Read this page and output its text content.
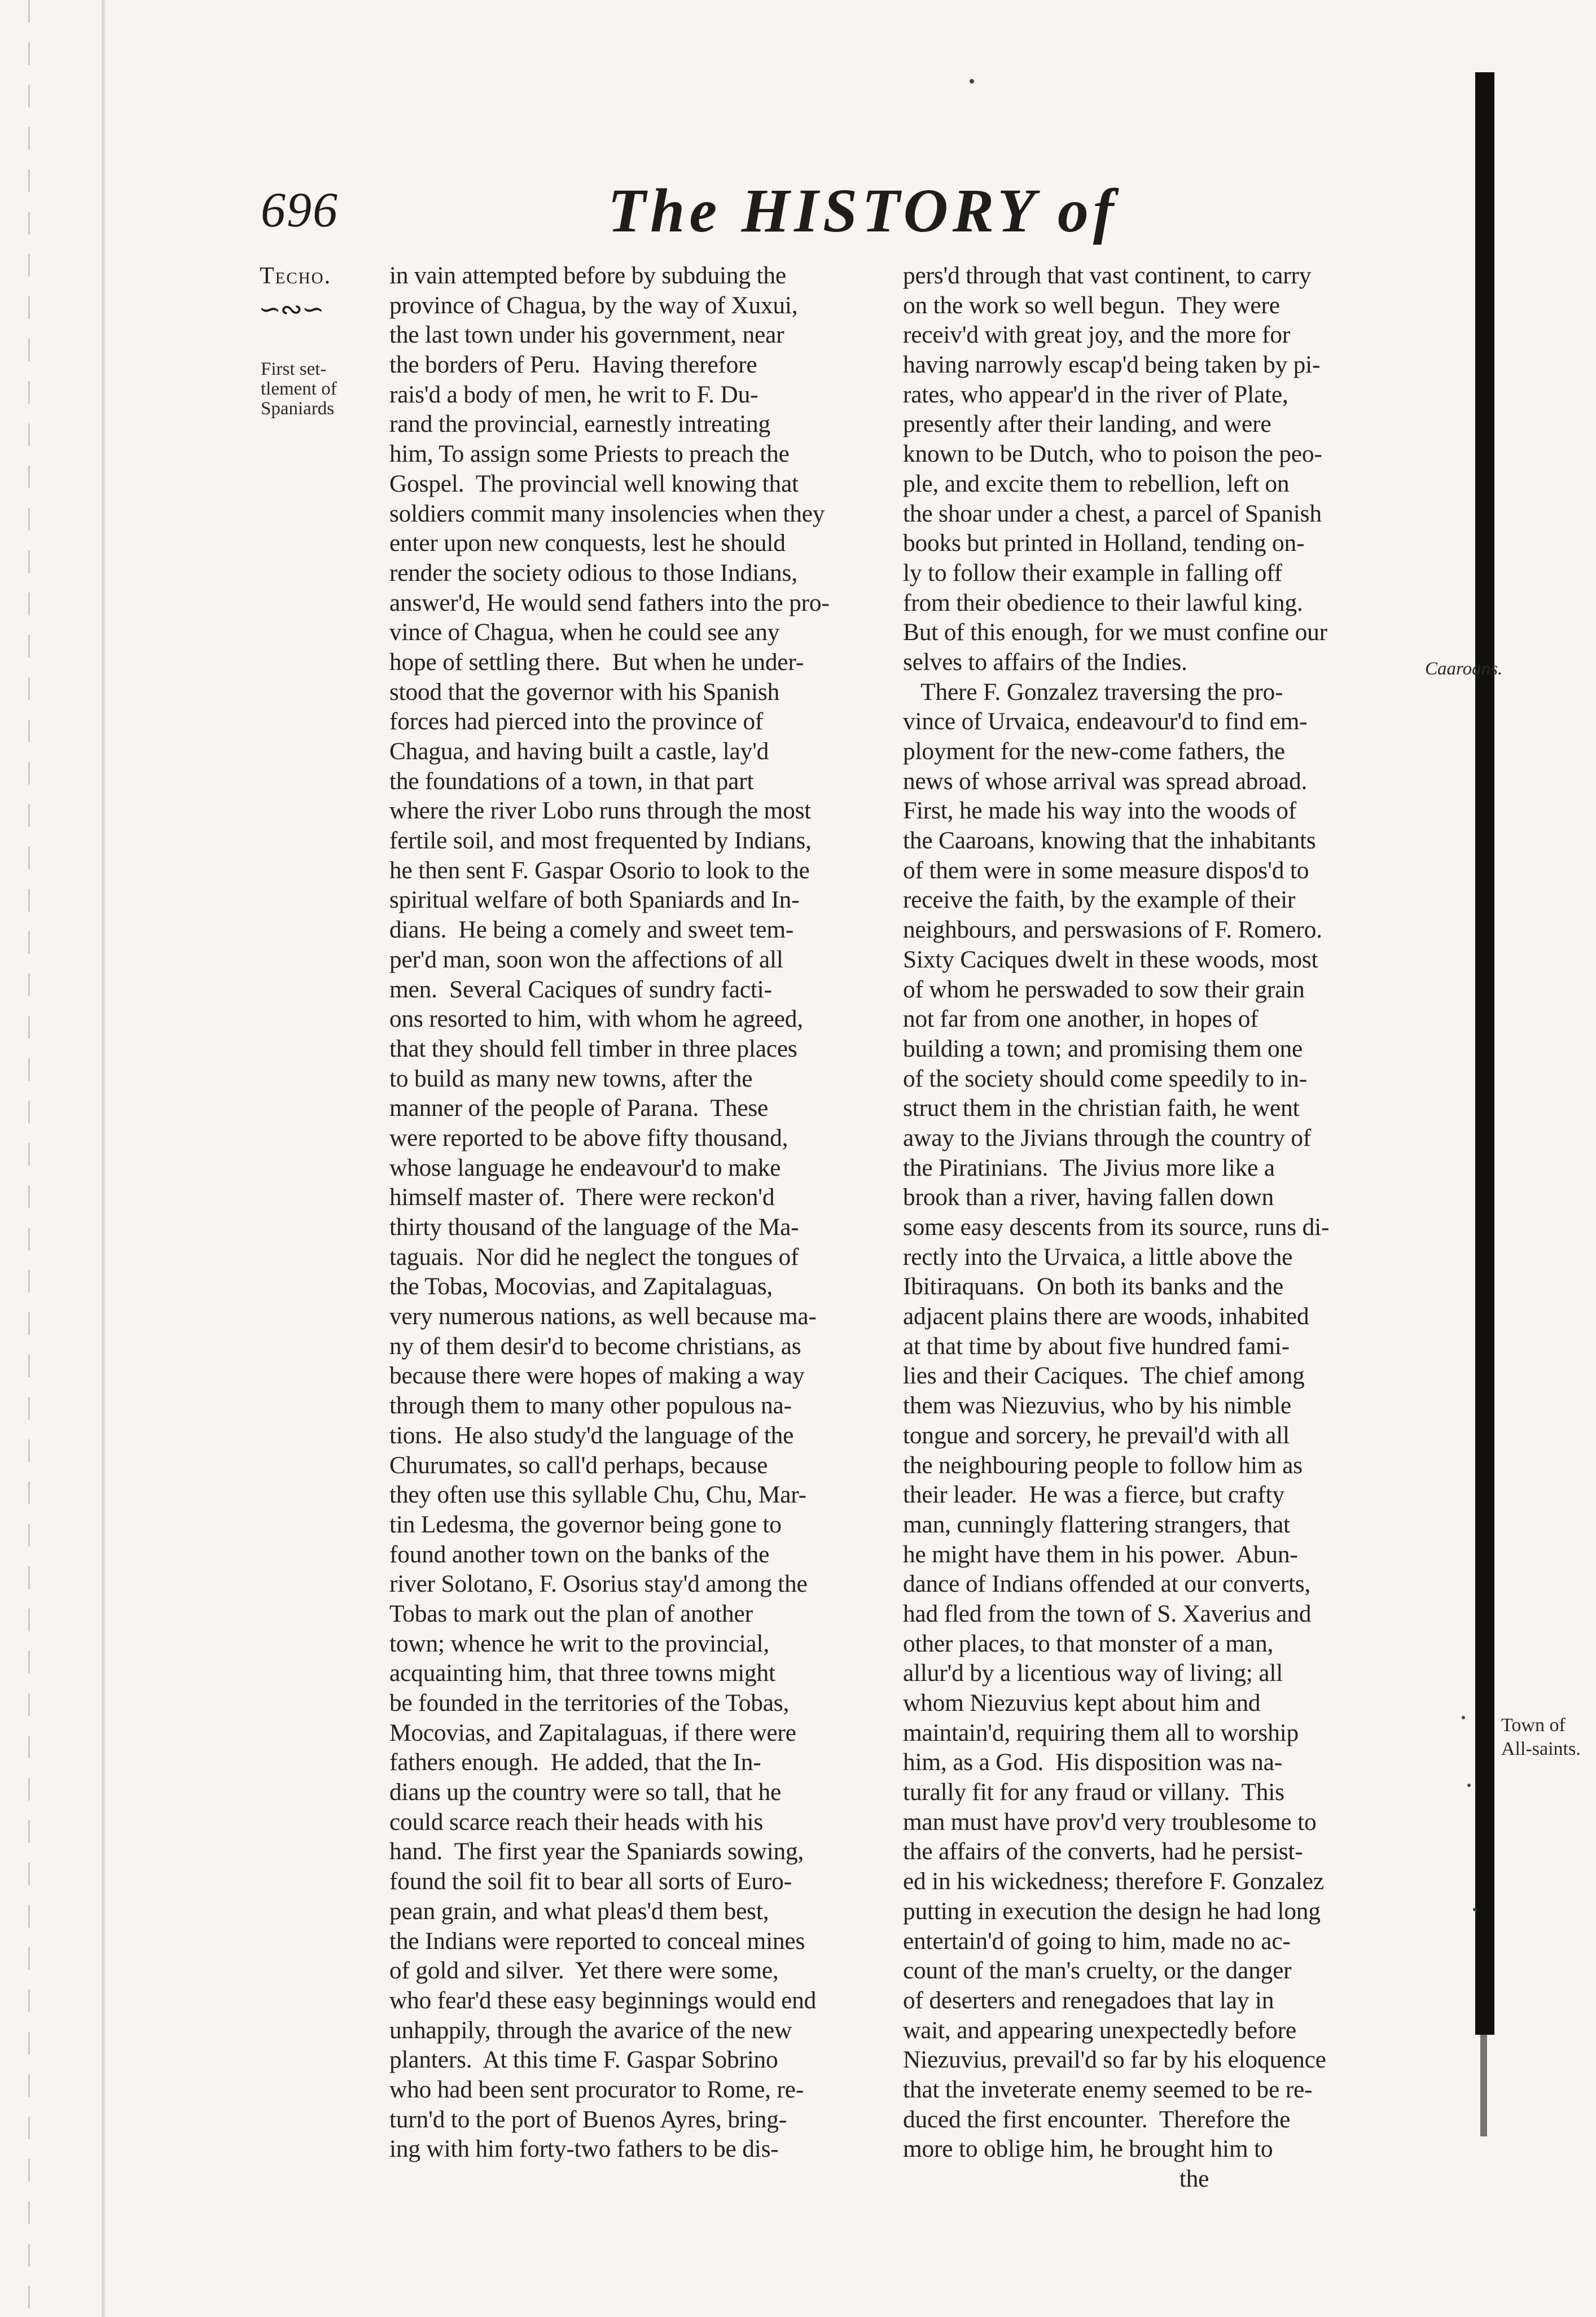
696	The HISTORY of
Techo.
∽∾∽
First set-
tlement of
Spaniards
Caaroans.
Town of
All-saints.
in vain attempted before by subduing the
province of Chagua, by the way of Xuxui,
the last town under his government, near
the borders of Peru.  Having therefore
rais'd a body of men, he writ to F. Du-
rand the provincial, earnestly intreating
him, To assign some Priests to preach the
Gospel.  The provincial well knowing that
soldiers commit many insolencies when they
enter upon new conquests, lest he should
render the society odious to those Indians,
answer'd, He would send fathers into the pro-
vince of Chagua, when he could see any
hope of settling there.  But when he under-
stood that the governor with his Spanish
forces had pierced into the province of
Chagua, and having built a castle, lay'd
the foundations of a town, in that part
where the river Lobo runs through the most
fertile soil, and most frequented by Indians,
he then sent F. Gaspar Osorio to look to the
spiritual welfare of both Spaniards and In-
dians.  He being a comely and sweet tem-
per'd man, soon won the affections of all
men.  Several Caciques of sundry facti-
ons resorted to him, with whom he agreed,
that they should fell timber in three places
to build as many new towns, after the
manner of the people of Parana.  These
were reported to be above fifty thousand,
whose language he endeavour'd to make
himself master of.  There were reckon'd
thirty thousand of the language of the Ma-
taguais.  Nor did he neglect the tongues of
the Tobas, Mocovias, and Zapitalaguas,
very numerous nations, as well because ma-
ny of them desir'd to become christians, as
because there were hopes of making a way
through them to many other populous na-
tions.  He also study'd the language of the
Churumates, so call'd perhaps, because
they often use this syllable Chu, Chu, Mar-
tin Ledesma, the governor being gone to
found another town on the banks of the
river Solotano, F. Osorius stay'd among the
Tobas to mark out the plan of another
town; whence he writ to the provincial,
acquainting him, that three towns might
be founded in the territories of the Tobas,
Mocovias, and Zapitalaguas, if there were
fathers enough.  He added, that the In-
dians up the country were so tall, that he
could scarce reach their heads with his
hand.  The first year the Spaniards sowing,
found the soil fit to bear all sorts of Euro-
pean grain, and what pleas'd them best,
the Indians were reported to conceal mines
of gold and silver.  Yet there were some,
who fear'd these easy beginnings would end
unhappily, through the avarice of the new
planters.  At this time F. Gaspar Sobrino
who had been sent procurator to Rome, re-
turn'd to the port of Buenos Ayres, bring-
ing with him forty-two fathers to be dis-
pers'd through that vast continent, to carry
on the work so well begun.  They were
receiv'd with great joy, and the more for
having narrowly escap'd being taken by pi-
rates, who appear'd in the river of Plate,
presently after their landing, and were
known to be Dutch, who to poison the peo-
ple, and excite them to rebellion, left on
the shoar under a chest, a parcel of Spanish
books but printed in Holland, tending on-
ly to follow their example in falling off
from their obedience to their lawful king.
But of this enough, for we must confine our
selves to affairs of the Indies.
There F. Gonzalez traversing the pro-
vince of Urvaica, endeavour'd to find em-
ployment for the new-come fathers, the
news of whose arrival was spread abroad.
First, he made his way into the woods of
the Caaroans, knowing that the inhabitants
of them were in some measure dispos'd to
receive the faith, by the example of their
neighbours, and perswasions of F. Romero.
Sixty Caciques dwelt in these woods, most
of whom he perswaded to sow their grain
not far from one another, in hopes of
building a town; and promising them one
of the society should come speedily to in-
struct them in the christian faith, he went
away to the Jivians through the country of
the Piratinians.  The Jivius more like a
brook than a river, having fallen down
some easy descents from its source, runs di-
rectly into the Urvaica, a little above the
Ibitiraquans.  On both its banks and the
adjacent plains there are woods, inhabited
at that time by about five hundred fami-
lies and their Caciques.  The chief among
them was Niezuvius, who by his nimble
tongue and sorcery, he prevail'd with all
the neighbouring people to follow him as
their leader.  He was a fierce, but crafty
man, cunningly flattering strangers, that
he might have them in his power.  Abun-
dance of Indians offended at our converts,
had fled from the town of S. Xaverius and
other places, to that monster of a man,
allur'd by a licentious way of living; all
whom Niezuvius kept about him and
maintain'd, requiring them all to worship
him, as a God.  His disposition was na-
turally fit for any fraud or villany.  This
man must have prov'd very troublesome to
the affairs of the converts, had he persist-
ed in his wickedness; therefore F. Gonzalez
putting in execution the design he had long
entertain'd of going to him, made no ac-
count of the man's cruelty, or the danger
of deserters and renegadoes that lay in
wait, and appearing unexpectedly before
Niezuvius, prevail'd so far by his eloquence
that the inveterate enemy seemed to be re-
duced the first encounter.  Therefore the
more to oblige him, he brought him to
the
